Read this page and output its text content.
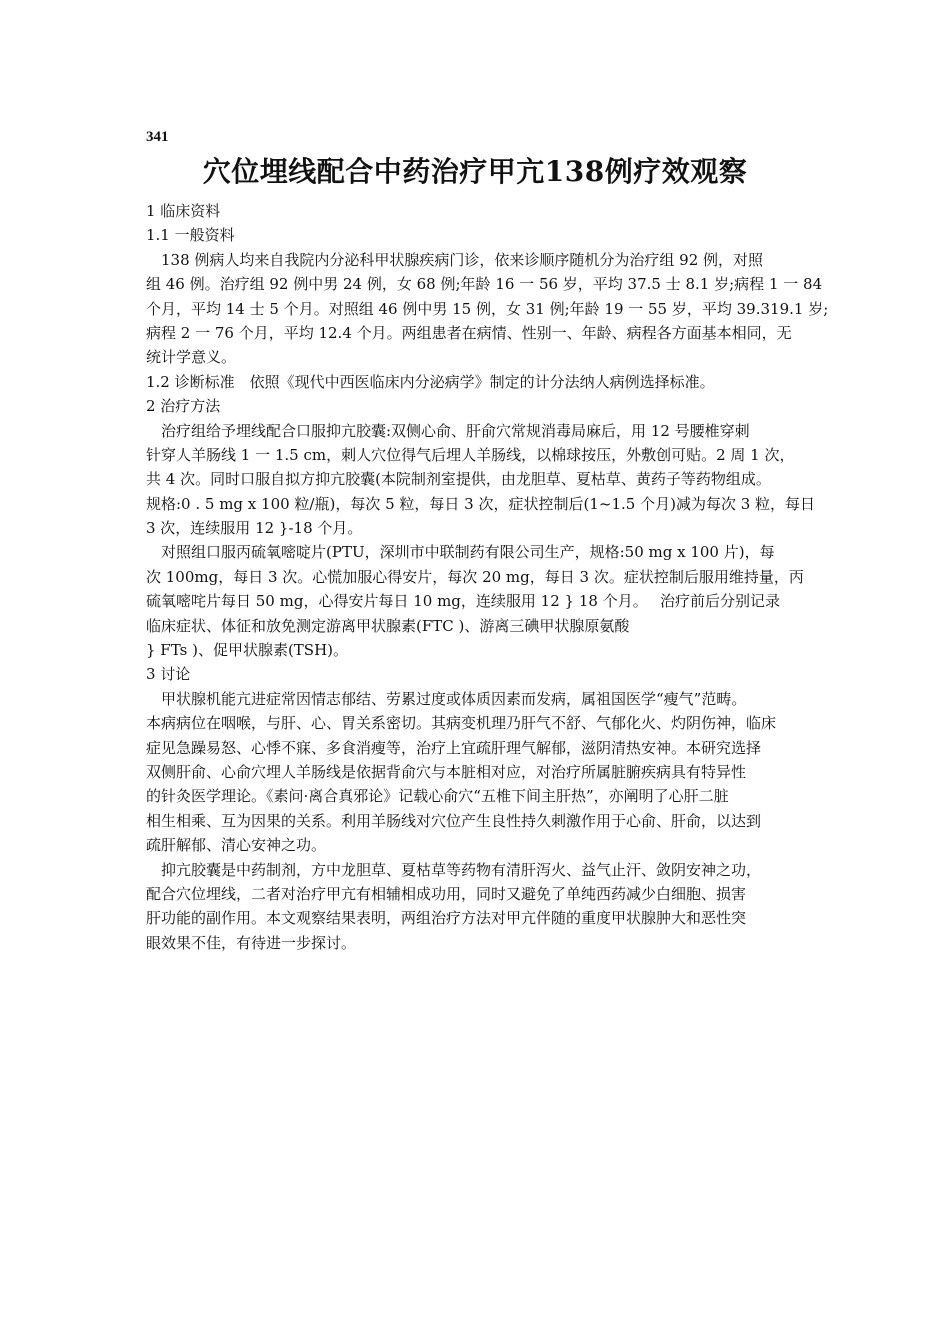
341
穴位埋线配合中药治疗甲亢138例疗效观察
1 临床资料
1.1 一般资料
138 例病人均来自我院内分泌科甲状腺疾病门诊，依来诊顺序随机分为治疗组 92 例，对照
组 46 例。治疗组 92 例中男 24 例，女 68 例;年龄 16 一 56 岁，平均 37.5 士 8.1 岁;病程 1 一 84
个月，平均 14 士 5 个月。对照组 46 例中男 15 例，女 31 例;年龄 19 一 55 岁，平均 39.319.1 岁;
病程 2 一 76 个月，平均 12.4 个月。两组患者在病情、性别一、年龄、病程各方面基本相同，无
统计学意义。
1.2 诊断标准　依照《现代中西医临床内分泌病学》制定的计分法纳人病例选择标准。
2 治疗方法
治疗组给予埋线配合口服抑亢胶囊:双侧心俞、肝俞穴常规消毒局麻后，用 12 号腰椎穿刺
针穿人羊肠线 1 一 1.5 cm，刺人穴位得气后埋人羊肠线，以棉球按压，外敷创可贴。2 周 1 次，
共 4 次。同时口服自拟方抑亢胶囊(本院制剂室提供，由龙胆草、夏枯草、黄药子等药物组成。
规格:0 . 5 mg x 100 粒/瓶)，每次 5 粒，每日 3 次，症状控制后(1~1.5 个月)减为每次 3 粒，每日
3 次，连续服用 12 }-18 个月。
对照组口服丙硫氧嘧啶片(PTU，深圳市中联制药有限公司生产，规格:50 mg x 100 片)，每
次 100mg，每日 3 次。心慌加服心得安片，每次 20 mg，每日 3 次。症状控制后服用维持量，丙
硫氧嘧咤片每日 50 mg，心得安片每日 10 mg，连续服用 12 } 18 个月。　 治疗前后分别记录
临床症状、体征和放免测定游离甲状腺素(FTC )、游离三碘甲状腺原氨酸
} FTs )、促甲状腺素(TSH)。
3 讨论
甲状腺机能亢进症常因情志郁结、劳累过度或体质因素而发病，属祖国医学“瘦气”范畴。
本病病位在咽喉，与肝、心、胃关系密切。其病变机理乃肝气不舒、气郁化火、灼阴伤神，临床
症见急躁易怒、心悸不寐、多食消瘦等，治疗上宜疏肝理气解郁，滋阴清热安神。本研究选择
双侧肝俞、心俞穴埋人羊肠线是依据背俞穴与本脏相对应，对治疗所属脏腑疾病具有特异性
的针灸医学理论。《素问·离合真邪论》记载心俞穴“五椎下间主肝热”，亦阐明了心肝二脏
相生相乘、互为因果的关系。利用羊肠线对穴位产生良性持久刺激作用于心俞、肝俞，以达到
疏肝解郁、清心安神之功。
抑亢胶囊是中药制剂，方中龙胆草、夏枯草等药物有清肝泻火、益气止汗、敛阴安神之功，
配合穴位埋线，二者对治疗甲亢有相辅相成功用，同时又避免了单纯西药减少白细胞、损害
肝功能的副作用。本文观察结果表明，两组治疗方法对甲亢伴随的重度甲状腺肿大和恶性突
眼效果不佳，有待进一步探讨。
